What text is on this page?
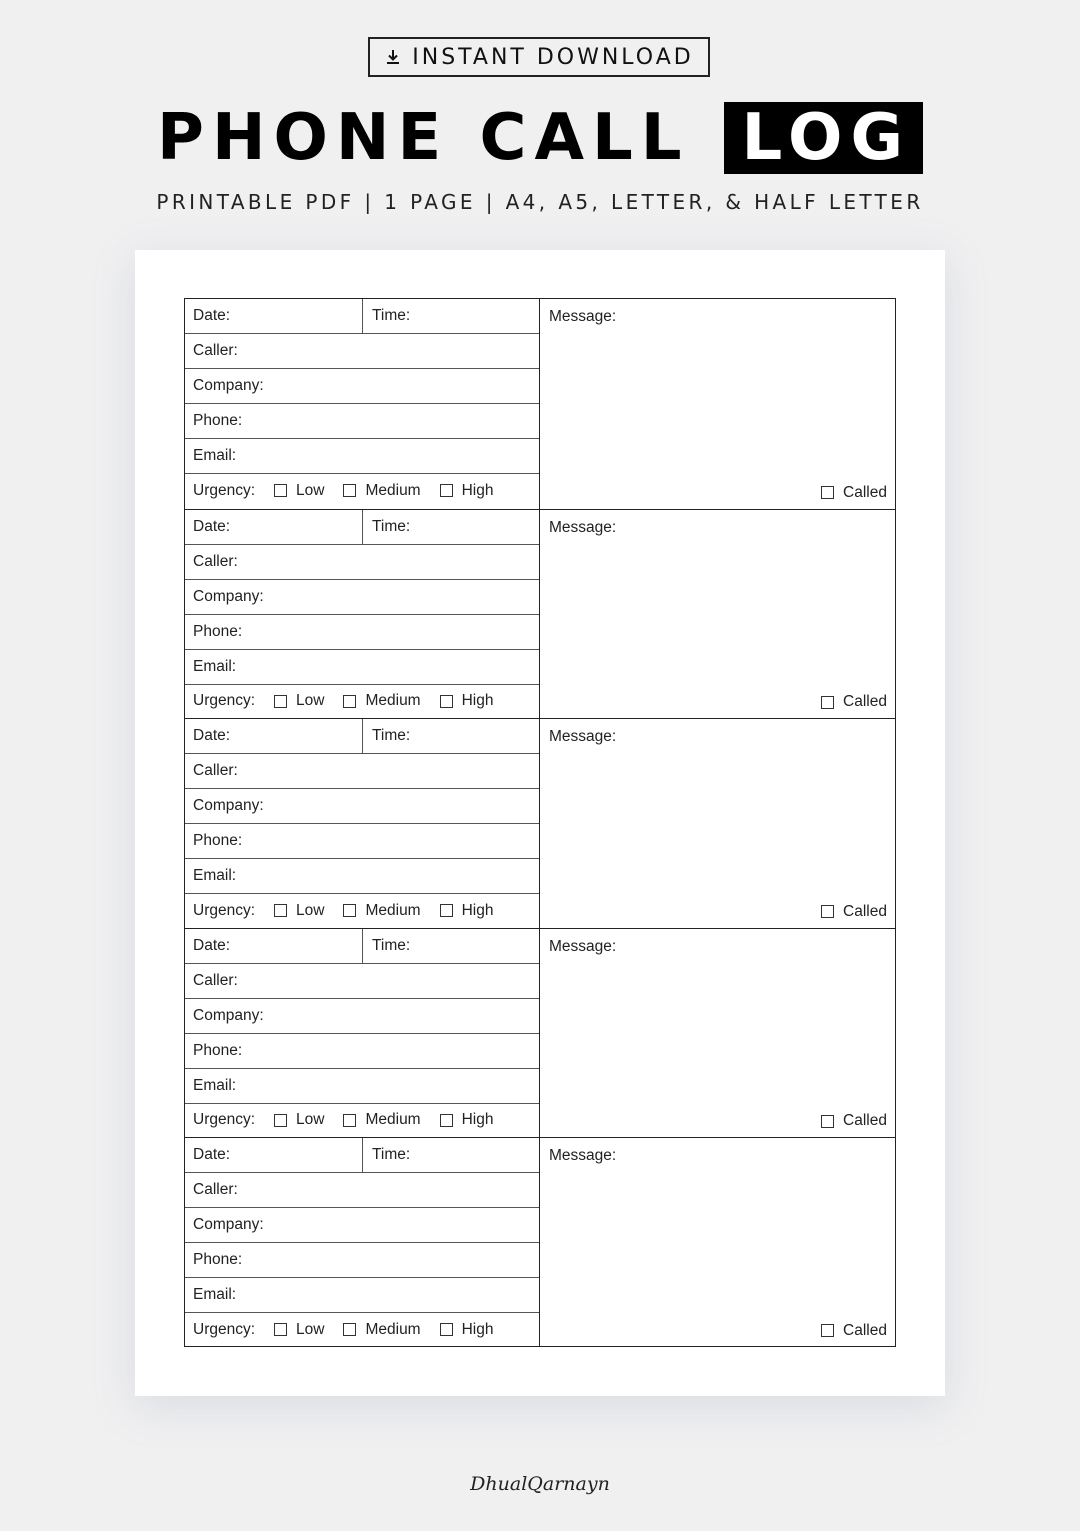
INSTANT DOWNLOAD
PHONE CALL LOG
PRINTABLE PDF | 1 PAGE | A4, A5, LETTER, & HALF LETTER
Date:	Time:
Caller:
Company:
Phone:
Email:
Urgency:	Low	Medium	High
Message:
Called
Date:	Time:
Caller:
Company:
Phone:
Email:
Urgency:	Low	Medium	High
Message:
Called
Date:	Time:
Caller:
Company:
Phone:
Email:
Urgency:	Low	Medium	High
Message:
Called
Date:	Time:
Caller:
Company:
Phone:
Email:
Urgency:	Low	Medium	High
Message:
Called
Date:	Time:
Caller:
Company:
Phone:
Email:
Urgency:	Low	Medium	High
Message:
Called
DhualQarnayn
